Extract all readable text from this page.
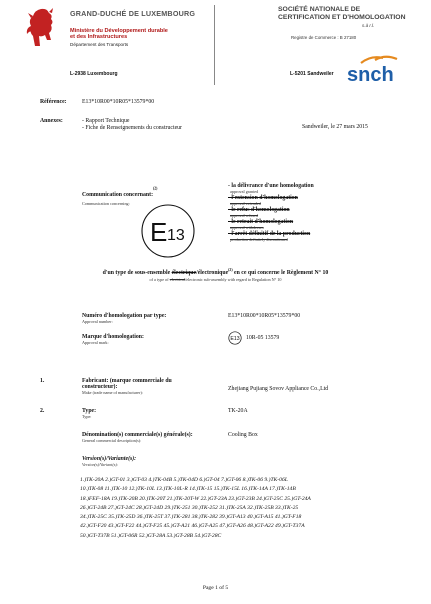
GRAND-DUCHÉ DE LUXEMBOURG
Ministère du Développement durable
et des Infrastructures
Département des Transports
SOCIÉTÉ NATIONALE DE
CERTIFICATION ET D'HOMOLOGATION
s.à r.l.
Registre de Commerce : B 27180
snch
L-2938 Luxembourg	L-5201 Sandweiler
Référence:	E13*10R00*10R05*13579*00
Annexes:	- Rapport Technique
- Fiche de Renseignements du constructeur	Sandweiler, le 27 mars 2015
Communication concernant:$^{(2)}$
Communication concerning:
E 13
- la délivrance d'une homologation
approval granted
- l'extension d'homologation
approval extended
- le refus d'homologation
approval refused
- le retrait d'homologation
approval withdrawn
- l'arrêt définitif de la production
production definitely discontinued
d'un type de sous-ensemble électrique/électronique$^{(2)}$ en ce qui concerne le Règlement N° 10
of a type of electrical/electronic sub-assembly with regard to Regulation N° 10
Numéro d'homologation par type:
Approval number:
E13*10R00*10R05*13579*00
Marque d'homologation:
Approval mark:
E13 10R-05 13579
1.	Fabricant: (marque commerciale du
constructeur):
Make (trade name of manufacturer):
Zhejiang Pujiang Sovov Appliance Co.,Ltd
2.	Type:
Type:
TK-20A
Dénomination(s) commerciale(s) générale(s):
General commercial description(s):
Cooling Box
Version(s)/Variante(s):
Version(s)/Variant(s):
1.)TK-20A 2.)GT-01 3.)GT-03 4.)TK-04B 5.)TK-04D 6.)GT-04 7.)GT-06 8.)TK-06 9.)TK-06L
10.)TK-08 11.)TK-10 12.)TK-10L 13.)TK-10L-R 14.)TK-15 15.)TK-15L 16.)TK-14A 17.)TK-14B
18.)FEF-18A 19.)TK-20B 20.)TK-20T 21.)TK-20T-W 22.)GT-23A 23.)GT-23B 24.)GT-25C 25.)GT-24A
26.)GT-24B 27.)GT-24C 28.)GT-24D 29.)TK-251 30.)TK-252 31.)TK-25A 32.)TK-25B 33.)TK-25
34.)TK-25C 35.)TK-25D 36.)TK-25T 37.)TK-281 38.)TK-282 39.)GT-A13 40.)GT-A15 41.)GT-F18
42.)GT-F20 43.)GT-F22 44.)GT-F25 45.)GT-A21 46.)GT-A25 47.)GT-A26 48.)GT-A22 49.)GT-T37A
50.)GT-T37B 51.)GT-06R 52.)GT-28A 53.)GT-28B 54.)GT-28C
Page 1 of 5
